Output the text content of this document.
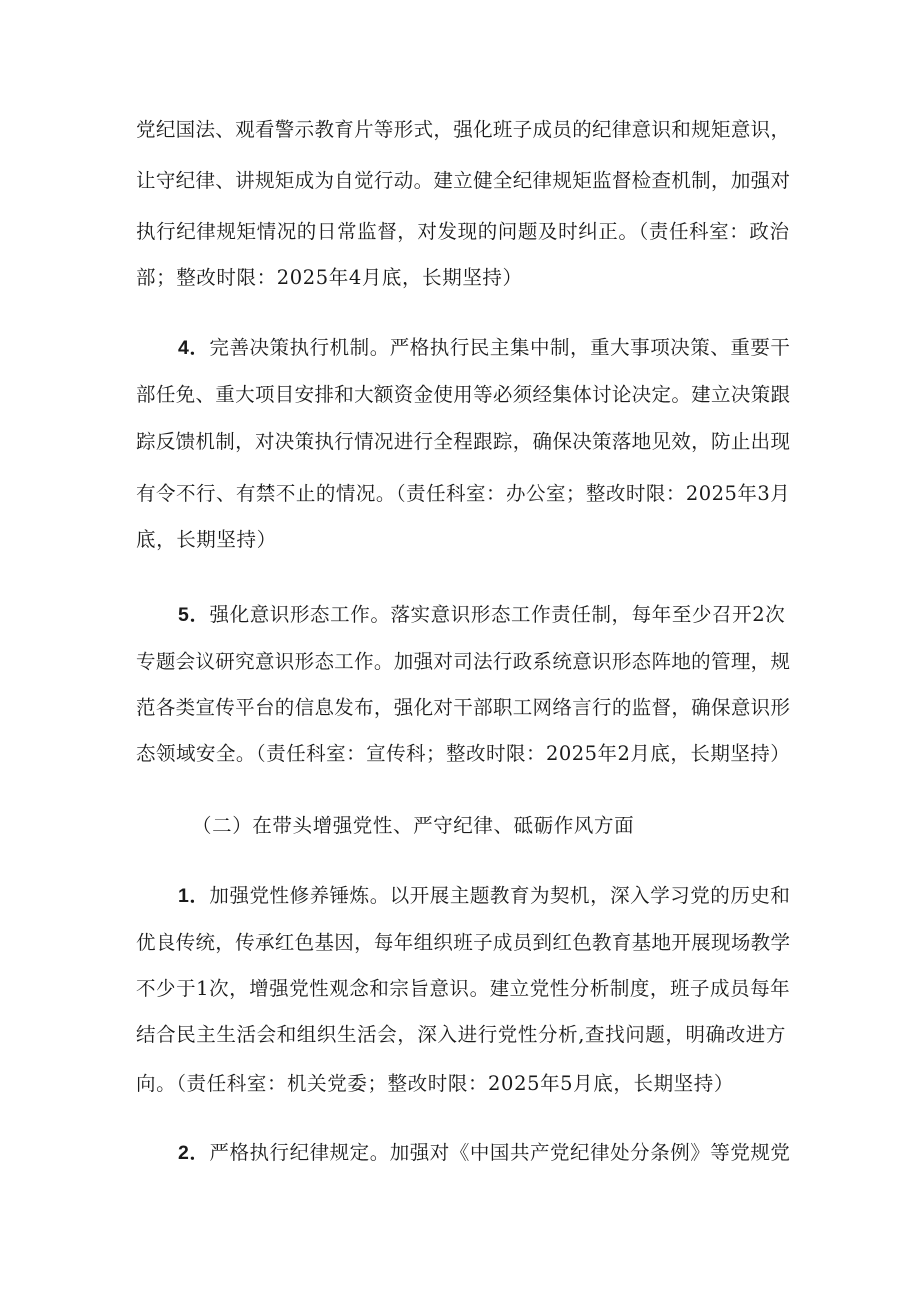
党纪国法、观看警示教育片等形式，强化班子成员的纪律意识和规矩意识，
让守纪律、讲规矩成为自觉行动。建立健全纪律规矩监督检查机制，加强对
执行纪律规矩情况的日常监督，对发现的问题及时纠正。（责任科室：政治
部；整改时限：2025年4月底，长期坚持）
4．完善决策执行机制。严格执行民主集中制，重大事项决策、重要干
部任免、重大项目安排和大额资金使用等必须经集体讨论决定。建立决策跟
踪反馈机制，对决策执行情况进行全程跟踪，确保决策落地见效，防止出现
有令不行、有禁不止的情况。（责任科室：办公室；整改时限：2025年3月
底，长期坚持）
5．强化意识形态工作。落实意识形态工作责任制，每年至少召开2次
专题会议研究意识形态工作。加强对司法行政系统意识形态阵地的管理，规
范各类宣传平台的信息发布，强化对干部职工网络言行的监督，确保意识形
态领域安全。（责任科室：宣传科；整改时限：2025年2月底，长期坚持）
（二）在带头增强党性、严守纪律、砥砺作风方面
1．加强党性修养锤炼。以开展主题教育为契机，深入学习党的历史和
优良传统，传承红色基因，每年组织班子成员到红色教育基地开展现场教学
不少于1次，增强党性观念和宗旨意识。建立党性分析制度，班子成员每年
结合民主生活会和组织生活会，深入进行党性分析,查找问题，明确改进方
向。（责任科室：机关党委；整改时限：2025年5月底，长期坚持）
2．严格执行纪律规定。加强对《中国共产党纪律处分条例》等党规党
